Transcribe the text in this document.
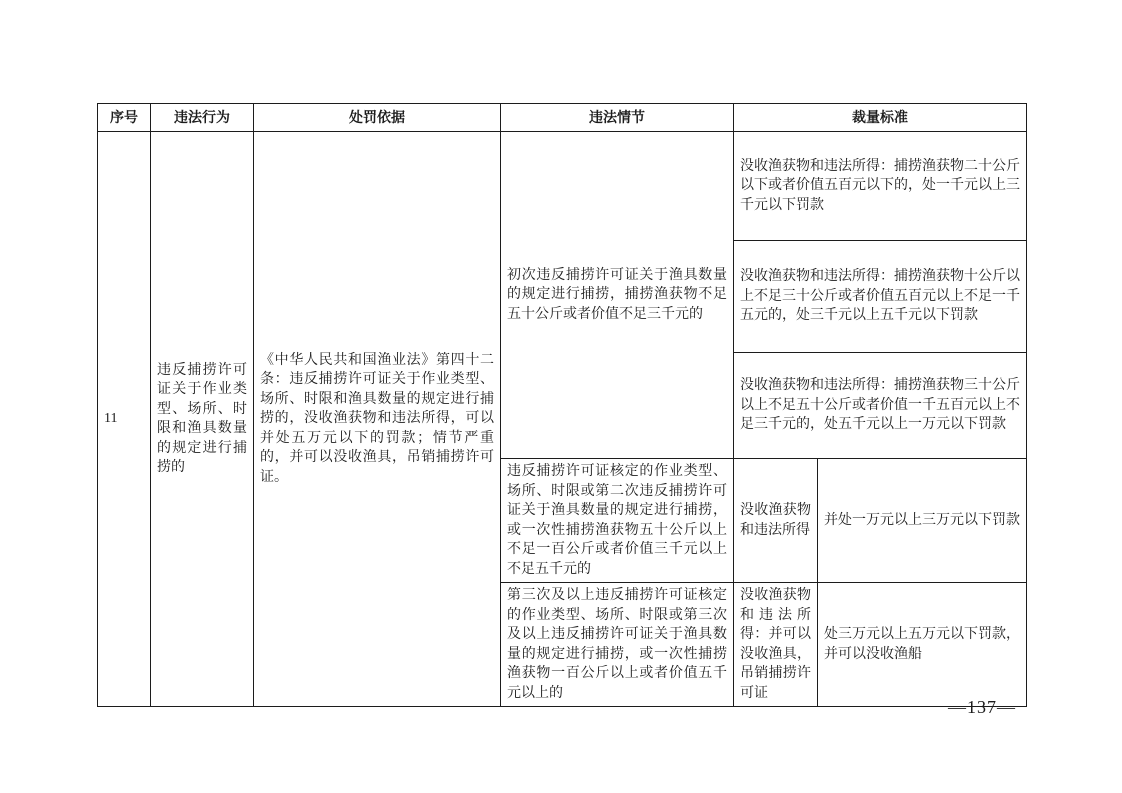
序号	违法行为	处罚依据	违法情节	裁量标准	
11	违反捕捞许可证关于作业类型、场所、时限和渔具数量的规定进行捕捞的	《中华人民共和国渔业法》第四十二条：违反捕捞许可证关于作业类型、场所、时限和渔具数量的规定进行捕捞的，没收渔获物和违法所得，可以并处五万元以下的罚款；情节严重的，并可以没收渔具，吊销捕捞许可证。	初次违反捕捞许可证关于渔具数量的规定进行捕捞，捕捞渔获物不足五十公斤或者价值不足三千元的	没收渔获物和违法所得：捕捞渔获物二十公斤以下或者价值五百元以下的，处一千元以上三千元以下罚款	
				没收渔获物和违法所得：捕捞渔获物十公斤以上不足三十公斤或者价值五百元以上不足一千五元的，处三千元以上五千元以下罚款	
				没收渔获物和违法所得：捕捞渔获物三十公斤以上不足五十公斤或者价值一千五百元以上不足三千元的，处五千元以上一万元以下罚款	
			违反捕捞许可证核定的作业类型、场所、时限或第二次违反捕捞许可证关于渔具数量的规定进行捕捞，或一次性捕捞渔获物五十公斤以上不足一百公斤或者价值三千元以上不足五千元的	没收渔获物和违法所得	并处一万元以上三万元以下罚款
			第三次及以上违反捕捞许可证核定的作业类型、场所、时限或第三次及以上违反捕捞许可证关于渔具数量的规定进行捕捞，或一次性捕捞渔获物一百公斤以上或者价值五千元以上的	没收渔获物和违法所得：并可以没收渔具，吊销捕捞许可证	处三万元以上五万元以下罚款，并可以没收渔船
—137—
